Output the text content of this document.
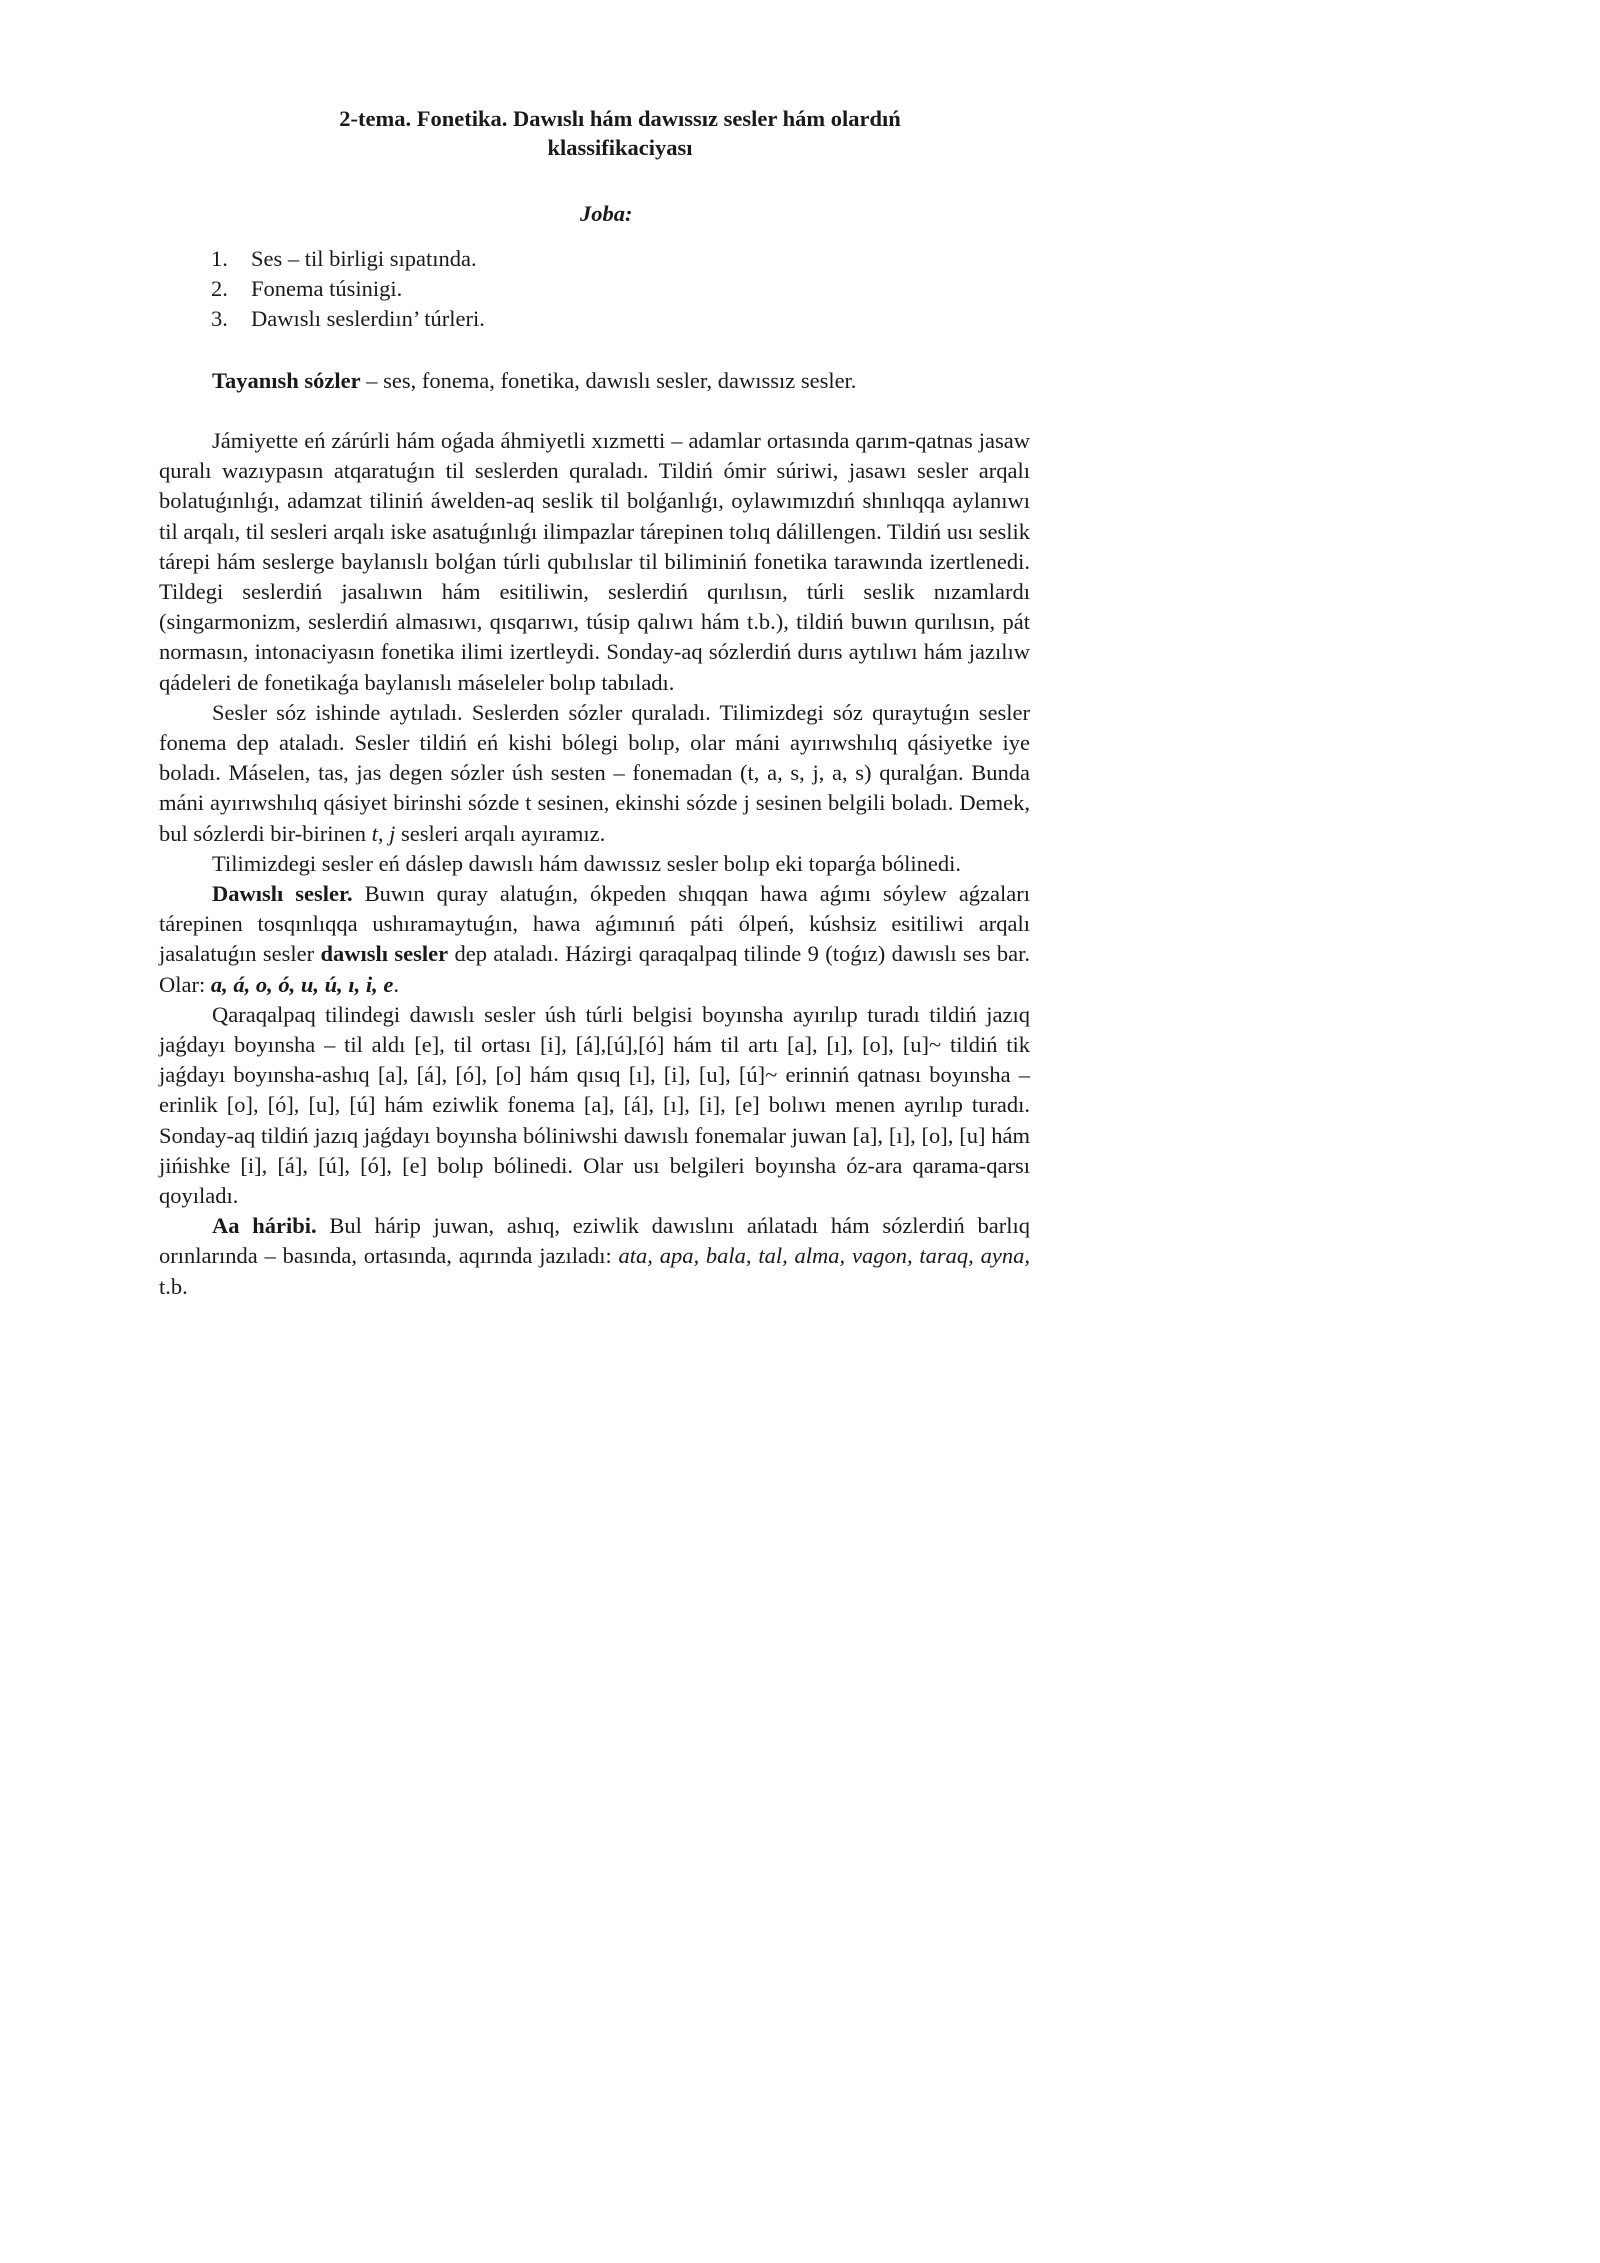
2-tema. Fonetika. Dawıslı hám dawıssız sesler hám olardıń
klassifikaciyası
Joba:
1.	Ses – til birligi sıpatında.
2.	Fonema túsinigi.
3.	Dawıslı seslerdiın’ túrleri.

Tayanısh sózler – ses, fonema, fonetika, dawıslı sesler, dawıssız sesler.

Jámiyette eń zárúrli hám oǵada áhmiyetli xızmetti – adamlar ortasında qarım-qatnas jasaw quralı wazıypasın atqaratuǵın til seslerden quraladı. Tildiń ómir súriwi, jasawı sesler arqalı bolatuǵınlıǵı, adamzat tiliniń áwelden-aq seslik til bolǵanlıǵı, oylawımızdıń shınlıqqa aylanıwı til arqalı, til sesleri arqalı iske asatuǵınlıǵı ilimpazlar tárepinen tolıq dálillengen. Tildiń usı seslik tárepi hám seslerge baylanıslı bolǵan túrli qubılıslar til biliminiń fonetika tarawında izertlenedi. Tildegi seslerdiń jasalıwın hám esitiliwin, seslerdiń qurılısın, túrli seslik nızamlardı (singarmonizm, seslerdiń almasıwı, qısqarıwı, túsip qalıwı hám t.b.), tildiń buwın qurılısın, pát normasın, intonaciyasın fonetika ilimi izertleydi. Sonday-aq sózlerdiń durıs aytılıwı hám jazılıw qádeleri de fonetikaǵa baylanıslı máseleler bolıp tabıladı.

Sesler sóz ishinde aytıladı. Seslerden sózler quraladı. Tilimizdegi sóz quraytuǵın sesler fonema dep ataladı. Sesler tildiń eń kishi bólegi bolıp, olar máni ayırıwshılıq qásiyetke iye boladı. Máselen, tas, jas degen sózler úsh sesten – fonemadan (t, a, s, j, a, s) quralǵan. Bunda máni ayırıwshılıq qásiyet birinshi sózde t sesinen, ekinshi sózde j sesinen belgili boladı. Demek, bul sózlerdi bir-birinen t, j sesleri arqalı ayıramız.

Tilimizdegi sesler eń dáslep dawıslı hám dawıssız sesler bolıp eki toparǵa bólinedi.

Dawıslı sesler. Buwın quray alatuǵın, ókpeden shıqqan hawa aǵımı sóylew aǵzaları tárepinen tosqınlıqqa ushıramaytuǵın, hawa aǵımınıń páti ólpeń, kúshsiz esitiliwi arqalı jasalatuǵın sesler dawıslı sesler dep ataladı. Házirgi qaraqalpaq tilinde 9 (toǵız) dawıslı ses bar. Olar: a, á, o, ó, u, ú, ı, i, e.

Qaraqalpaq tilindegi dawıslı sesler úsh túrli belgisi boyınsha ayırılıp turadı tildiń jazıq jaǵdayı boyınsha – til aldı [e], til ortası [i], [á],[ú],[ó] hám til artı [a], [ı], [o], [u]~ tildiń tik jaǵdayı boyınsha-ashıq [a], [á], [ó], [o] hám qısıq [ı], [i], [u], [ú]~ erinniń qatnası boyınsha – erinlik [o], [ó], [u], [ú] hám eziwlik fonema [a], [á], [ı], [i], [e] bolıwı menen ayrılıp turadı. Sonday-aq tildiń jazıq jaǵdayı boyınsha bóliniwshi dawıslı fonemalar juwan [a], [ı], [o], [u] hám jińishke [i], [á], [ú], [ó], [e] bolıp bólinedi. Olar usı belgileri boyınsha óz-ara qarama-qarsı qoyıladı.

Aa háribi. Bul hárip juwan, ashıq, eziwlik dawıslını ańlatadı hám sózlerdiń barlıq orınlarında – basında, ortasında, aqırında jazıladı: ata, apa, bala, tal, alma, vagon, taraq, ayna, t.b.
